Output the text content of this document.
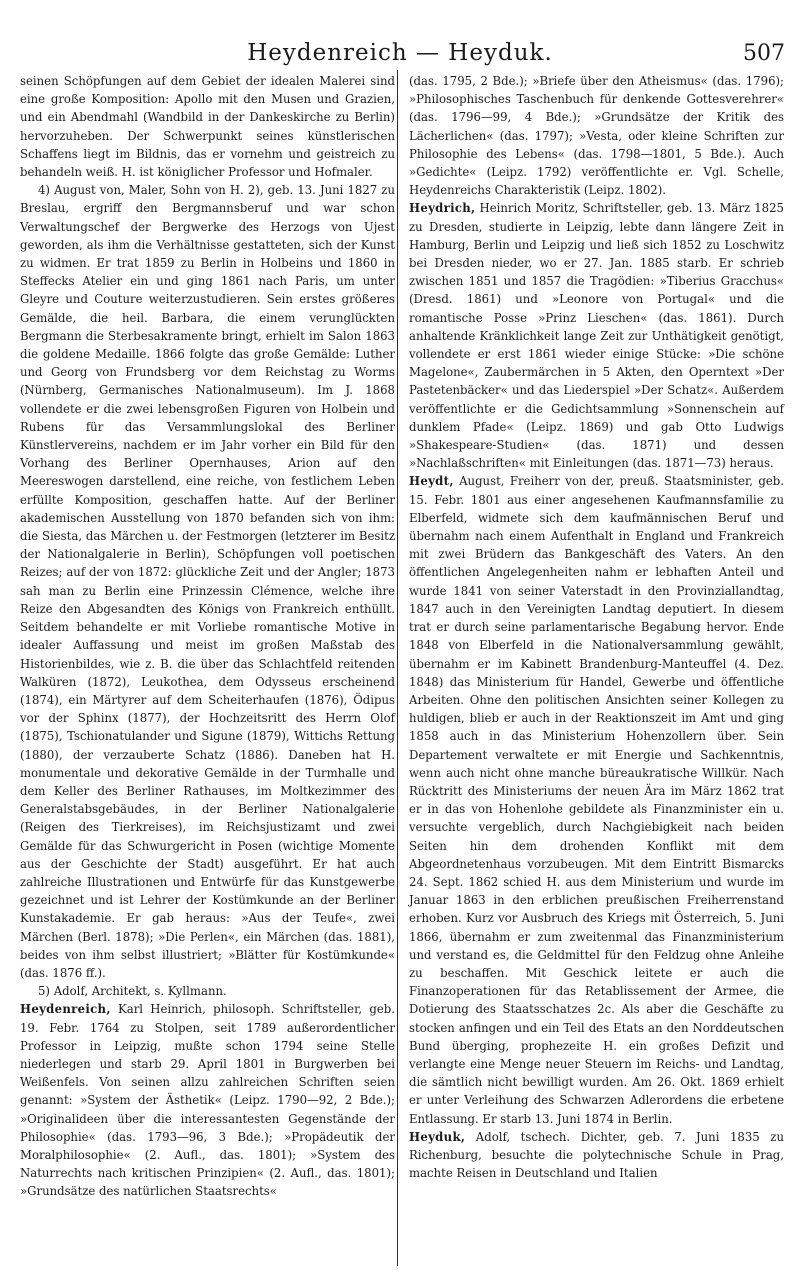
Heydenreich — Heyduk.	507

seinen Schöpfungen auf dem Gebiet der idealen Malerei sind eine große Komposition: Apollo mit den Musen und Grazien, und ein Abendmahl (Wandbild in der Dankeskirche zu Berlin) hervorzuheben. Der Schwerpunkt seines künstlerischen Schaffens liegt im Bildnis, das er vornehm und geistreich zu behandeln weiß. H. ist königlicher Professor und Hofmaler.

4) August von, Maler, Sohn von H. 2), geb. 13. Juni 1827 zu Breslau, ergriff den Bergmannsberuf und war schon Verwaltungschef der Bergwerke des Herzogs von Ujest geworden, als ihm die Verhältnisse gestatteten, sich der Kunst zu widmen. Er trat 1859 zu Berlin in Holbeins und 1860 in Steffecks Atelier ein und ging 1861 nach Paris, um unter Gleyre und Couture weiterzustudieren. Sein erstes größeres Gemälde, die heil. Barbara, die einem verunglückten Bergmann die Sterbesakramente bringt, erhielt im Salon 1863 die goldene Medaille. 1866 folgte das große Gemälde: Luther und Georg von Frundsberg vor dem Reichstag zu Worms (Nürnberg, Germanisches Nationalmuseum). Im J. 1868 vollendete er die zwei lebensgroßen Figuren von Holbein und Rubens für das Versammlungslokal des Berliner Künstlervereins, nachdem er im Jahr vorher ein Bild für den Vorhang des Berliner Opernhauses, Arion auf den Meereswogen darstellend, eine reiche, von festlichem Leben erfüllte Komposition, geschaffen hatte. Auf der Berliner akademischen Ausstellung von 1870 befanden sich von ihm: die Siesta, das Märchen u. der Festmorgen (letzterer im Besitz der Nationalgalerie in Berlin), Schöpfungen voll poetischen Reizes; auf der von 1872: glückliche Zeit und der Angler; 1873 sah man zu Berlin eine Prinzessin Clémence, welche ihre Reize den Abgesandten des Königs von Frankreich enthüllt. Seitdem behandelte er mit Vorliebe romantische Motive in idealer Auffassung und meist im großen Maßstab des Historienbildes, wie z. B. die über das Schlachtfeld reitenden Walküren (1872), Leukothea, dem Odysseus erscheinend (1874), ein Märtyrer auf dem Scheiterhaufen (1876), Ödipus vor der Sphinx (1877), der Hochzeitsritt des Herrn Olof (1875), Tschionatulander und Sigune (1879), Wittichs Rettung (1880), der verzauberte Schatz (1886). Daneben hat H. monumentale und dekorative Gemälde in der Turmhalle und dem Keller des Berliner Rathauses, im Moltkezimmer des Generalstabsgebäudes, in der Berliner Nationalgalerie (Reigen des Tierkreises), im Reichsjustizamt und zwei Gemälde für das Schwurgericht in Posen (wichtige Momente aus der Geschichte der Stadt) ausgeführt. Er hat auch zahlreiche Illustrationen und Entwürfe für das Kunstgewerbe gezeichnet und ist Lehrer der Kostümkunde an der Berliner Kunstakademie. Er gab heraus: »Aus der Teufe«, zwei Märchen (Berl. 1878); »Die Perlen«, ein Märchen (das. 1881), beides von ihm selbst illustriert; »Blätter für Kostümkunde« (das. 1876 ff.).

5) Adolf, Architekt, s. Kyllmann.

Heydenreich, Karl Heinrich, philosoph. Schriftsteller, geb. 19. Febr. 1764 zu Stolpen, seit 1789 außerordentlicher Professor in Leipzig, mußte schon 1794 seine Stelle niederlegen und starb 29. April 1801 in Burgwerben bei Weißenfels. Von seinen allzu zahlreichen Schriften seien genannt: »System der Ästhetik« (Leipz. 1790—92, 2 Bde.); »Originalideen über die interessantesten Gegenstände der Philosophie« (das. 1793—96, 3 Bde.); »Propädeutik der Moralphilosophie« (2. Aufl., das. 1801); »System des Naturrechts nach kritischen Prinzipien« (2. Aufl., das. 1801); »Grundsätze des natürlichen Staatsrechts«

(das. 1795, 2 Bde.); »Briefe über den Atheismus« (das. 1796); »Philosophisches Taschenbuch für denkende Gottesverehrer« (das. 1796—99, 4 Bde.); »Grundsätze der Kritik des Lächerlichen« (das. 1797); »Vesta, oder kleine Schriften zur Philosophie des Lebens« (das. 1798—1801, 5 Bde.). Auch »Gedichte« (Leipz. 1792) veröffentlichte er. Vgl. Schelle, Heydenreichs Charakteristik (Leipz. 1802).

Heydrich, Heinrich Moritz, Schriftsteller, geb. 13. März 1825 zu Dresden, studierte in Leipzig, lebte dann längere Zeit in Hamburg, Berlin und Leipzig und ließ sich 1852 zu Loschwitz bei Dresden nieder, wo er 27. Jan. 1885 starb. Er schrieb zwischen 1851 und 1857 die Tragödien: »Tiberius Gracchus« (Dresd. 1861) und »Leonore von Portugal« und die romantische Posse »Prinz Lieschen« (das. 1861). Durch anhaltende Kränklichkeit lange Zeit zur Unthätigkeit genötigt, vollendete er erst 1861 wieder einige Stücke: »Die schöne Magelone«, Zaubermärchen in 5 Akten, den Operntext »Der Pastetenbäcker« und das Liederspiel »Der Schatz«. Außerdem veröffentlichte er die Gedichtsammlung »Sonnenschein auf dunklem Pfade« (Leipz. 1869) und gab Otto Ludwigs »Shakespeare-Studien« (das. 1871) und dessen »Nachlaßschriften« mit Einleitungen (das. 1871—73) heraus.

Heydt, August, Freiherr von der, preuß. Staatsminister, geb. 15. Febr. 1801 aus einer angesehenen Kaufmannsfamilie zu Elberfeld, widmete sich dem kaufmännischen Beruf und übernahm nach einem Aufenthalt in England und Frankreich mit zwei Brüdern das Bankgeschäft des Vaters. An den öffentlichen Angelegenheiten nahm er lebhaften Anteil und wurde 1841 von seiner Vaterstadt in den Provinziallandtag, 1847 auch in den Vereinigten Landtag deputiert. In diesem trat er durch seine parlamentarische Begabung hervor. Ende 1848 von Elberfeld in die Nationalversammlung gewählt, übernahm er im Kabinett Brandenburg-Manteuffel (4. Dez. 1848) das Ministerium für Handel, Gewerbe und öffentliche Arbeiten. Ohne den politischen Ansichten seiner Kollegen zu huldigen, blieb er auch in der Reaktionszeit im Amt und ging 1858 auch in das Ministerium Hohenzollern über. Sein Departement verwaltete er mit Energie und Sachkenntnis, wenn auch nicht ohne manche büreaukratische Willkür. Nach Rücktritt des Ministeriums der neuen Ära im März 1862 trat er in das von Hohenlohe gebildete als Finanzminister ein u. versuchte vergeblich, durch Nachgiebigkeit nach beiden Seiten hin dem drohenden Konflikt mit dem Abgeordnetenhaus vorzubeugen. Mit dem Eintritt Bismarcks 24. Sept. 1862 schied H. aus dem Ministerium und wurde im Januar 1863 in den erblichen preußischen Freiherrenstand erhoben. Kurz vor Ausbruch des Kriegs mit Österreich, 5. Juni 1866, übernahm er zum zweitenmal das Finanzministerium und verstand es, die Geldmittel für den Feldzug ohne Anleihe zu beschaffen. Mit Geschick leitete er auch die Finanzoperationen für das Retablissement der Armee, die Dotierung des Staatsschatzes 2c. Als aber die Geschäfte zu stocken anfingen und ein Teil des Etats an den Norddeutschen Bund überging, prophezeite H. ein großes Defizit und verlangte eine Menge neuer Steuern im Reichs- und Landtag, die sämtlich nicht bewilligt wurden. Am 26. Okt. 1869 erhielt er unter Verleihung des Schwarzen Adlerordens die erbetene Entlassung. Er starb 13. Juni 1874 in Berlin.

Heyduk, Adolf, tschech. Dichter, geb. 7. Juni 1835 zu Richenburg, besuchte die polytechnische Schule in Prag, machte Reisen in Deutschland und Italien
